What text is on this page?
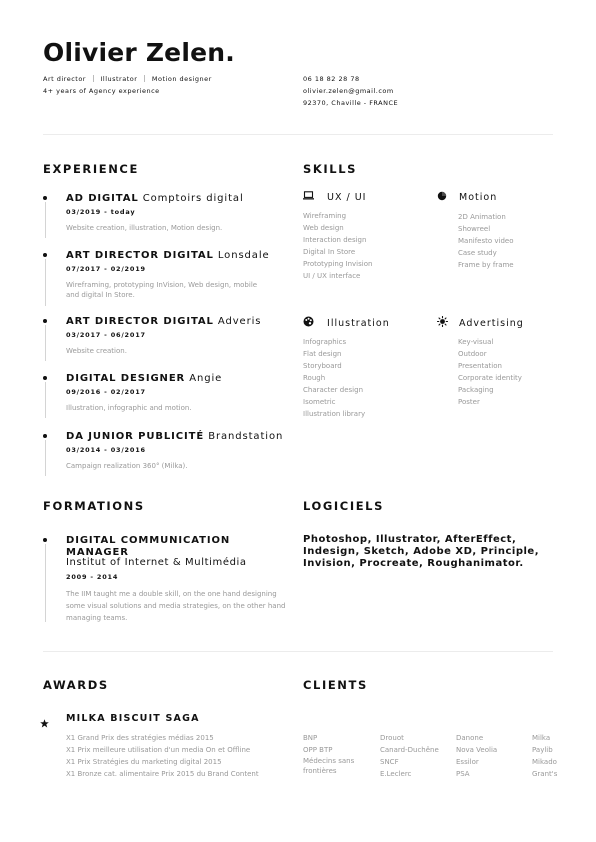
Olivier Zelen.
Art director Illustrator Motion designer
4+ years of Agency experience
06 18 82 28 78
olivier.zelen@gmail.com
92370, Chaville - FRANCE
EXPERIENCE
AD DIGITAL Comptoirs digital
03/2019 - today
Website creation, illustration, Motion design.
ART DIRECTOR DIGITAL Lonsdale
07/2017 - 02/2019
Wireframing, prototyping InVision, Web design, mobile and digital In Store.
ART DIRECTOR DIGITAL Adveris
03/2017 - 06/2017
Website creation.
DIGITAL DESIGNER Angie
09/2016 - 02/2017
Illustration, infographic and motion.
DA JUNIOR PUBLICITÉ Brandstation
03/2014 - 03/2016
Campaign realization 360° (Milka).
SKILLS
UX / UI
Wireframing
Web design
Interaction design
Digital In Store
Prototyping Invision
UI / UX interface
Motion
2D Animation
Showreel
Manifesto video
Case study
Frame by frame
Illustration
Infographics
Flat design
Storyboard
Rough
Character design
Isometric
Illustration library
Advertising
Key-visual
Outdoor
Presentation
Corporate identity
Packaging
Poster
FORMATIONS
DIGITAL COMMUNICATION MANAGER
Institut of Internet & Multimédia
2009 - 2014
The IIM taught me a double skill, on the one hand designing some visual solutions and media strategies, on the other hand managing teams.
LOGICIELS
Photoshop, Illustrator, AfterEffect, Indesign, Sketch, Adobe XD, Principle, Invision, Procreate, Roughanimator.
AWARDS
MILKA BISCUIT SAGA
X1 Grand Prix des stratégies médias 2015
X1 Prix meilleure utilisation d'un media On et Offline
X1 Prix Stratégies du marketing digital 2015
X1 Bronze cat. alimentaire Prix 2015 du Brand Content
CLIENTS
BNP
OPP BTP
Médecins sans frontières
Drouot
Canard-Duchêne
SNCF
E.Leclerc
Danone
Nova Veolia
Essilor
PSA
Milka
Paylib
Mikado
Grant's
